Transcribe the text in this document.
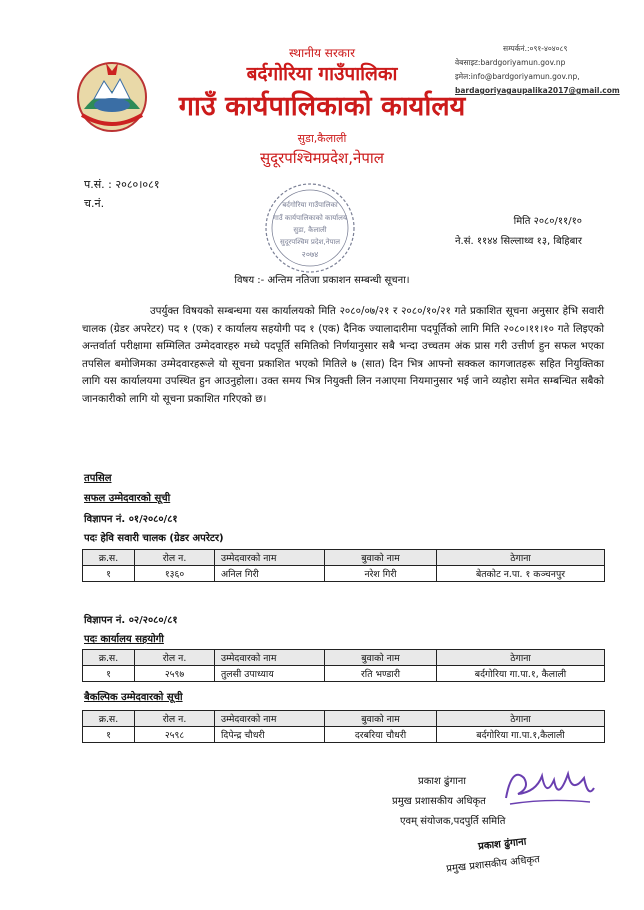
स्थानीय सरकार
बर्दगोरिया गाउँपालिका
गाउँ कार्यपालिकाको कार्यालय
सुडा,कैलाली
सुदूरपश्चिमप्रदेश,नेपाल
सम्पर्कनं.:०९१-४०४०८९
वेबसाइट:bardgoriyamun.gov.np
इमेल:info@bardgoriyamun.gov.np,
bardagoriyagaupalika2017@gmail.com
प.सं. : २०८०।०८१
च.नं.	बर्दगोरिया गाउँपालिका
गाउँ कार्यपालिकाको कार्यालय
सुडा, कैलाली
सुदूरपश्चिम प्रदेश,नेपाल
२०७४
मिति २०८०/११/१०
ने.सं. ११४४ सिल्लाथ्व १३, बिहिबार
विषय :- अन्तिम नतिजा प्रकाशन सम्बन्धी सूचना।
उपर्युक्त विषयको सम्बन्धमा यस कार्यालयको मिति २०८०/०७/२१ र २०८०/१०/२१ गते प्रकाशित सूचना अनुसार हेभि सवारी चालक (ग्रेडर अपरेटर) पद १ (एक) र कार्यालय सहयोगी पद १ (एक) दैनिक ज्यालादारीमा पदपूर्तिको लागि मिति २०८०।११।१० गते लिइएको अन्तर्वार्ता परीक्षामा सम्मिलित उम्मेदवारहरु मध्ये पदपूर्ति समितिको निर्णयानुसार सबै भन्दा उच्चतम अंक प्रास गरी उत्तीर्ण हुन सफल भएका तपसिल बमोजिमका उम्मेदवारहरूले यो सूचना प्रकाशित भएको मितिले ७ (सात) दिन भित्र आफ्नो सक्कल कागजातहरू सहित नियुक्तिका लागि यस कार्यालयमा उपस्थित हुन आउनुहोला। उक्त समय भित्र नियुक्ती लिन नआएमा नियमानुसार भई जाने व्यहोरा समेत सम्बन्धित सबैको जानकारीको लागि यो सूचना प्रकाशित गरिएको छ।
तपसिल
सफल उम्मेदवारको सूची
विज्ञापन नं. ०१/२०८०/८१
पदः हेवि सवारी चालक (ग्रेडर अपरेटर)
क्र.स.	रोल न.	उम्मेदवारको नाम	बुवाको नाम	ठेगाना
१	१३६०	अनिल गिरी	नरेश गिरी	बेतकोट न.पा. १ कञ्चनपुर
विज्ञापन नं. ०२/२०८०/८१
पदः कार्यालय सहयोगी
क्र.स.	रोल न.	उम्मेदवारको नाम	बुवाको नाम	ठेगाना
१	२५९७	तुलसी उपाध्याय	रति भण्डारी	बर्दगोरिया गा.पा.१, कैलाली
बैकल्पिक उम्मेदवारको सूची
क्र.स.	रोल न.	उम्मेदवारको नाम	बुवाको नाम	ठेगाना
१	२५९८	दिपेन्द्र चौधरी	दरबरिया चौधरी	बर्दगोरिया गा.पा.१,कैलाली
प्रकाश ढुंगाना
प्रमुख प्रशासकीय अधिकृत
एवम् संयोजक,पदपुर्ति समिति
प्रकाश ढुंगाना
प्रमुख प्रशासकीय अधिकृत
